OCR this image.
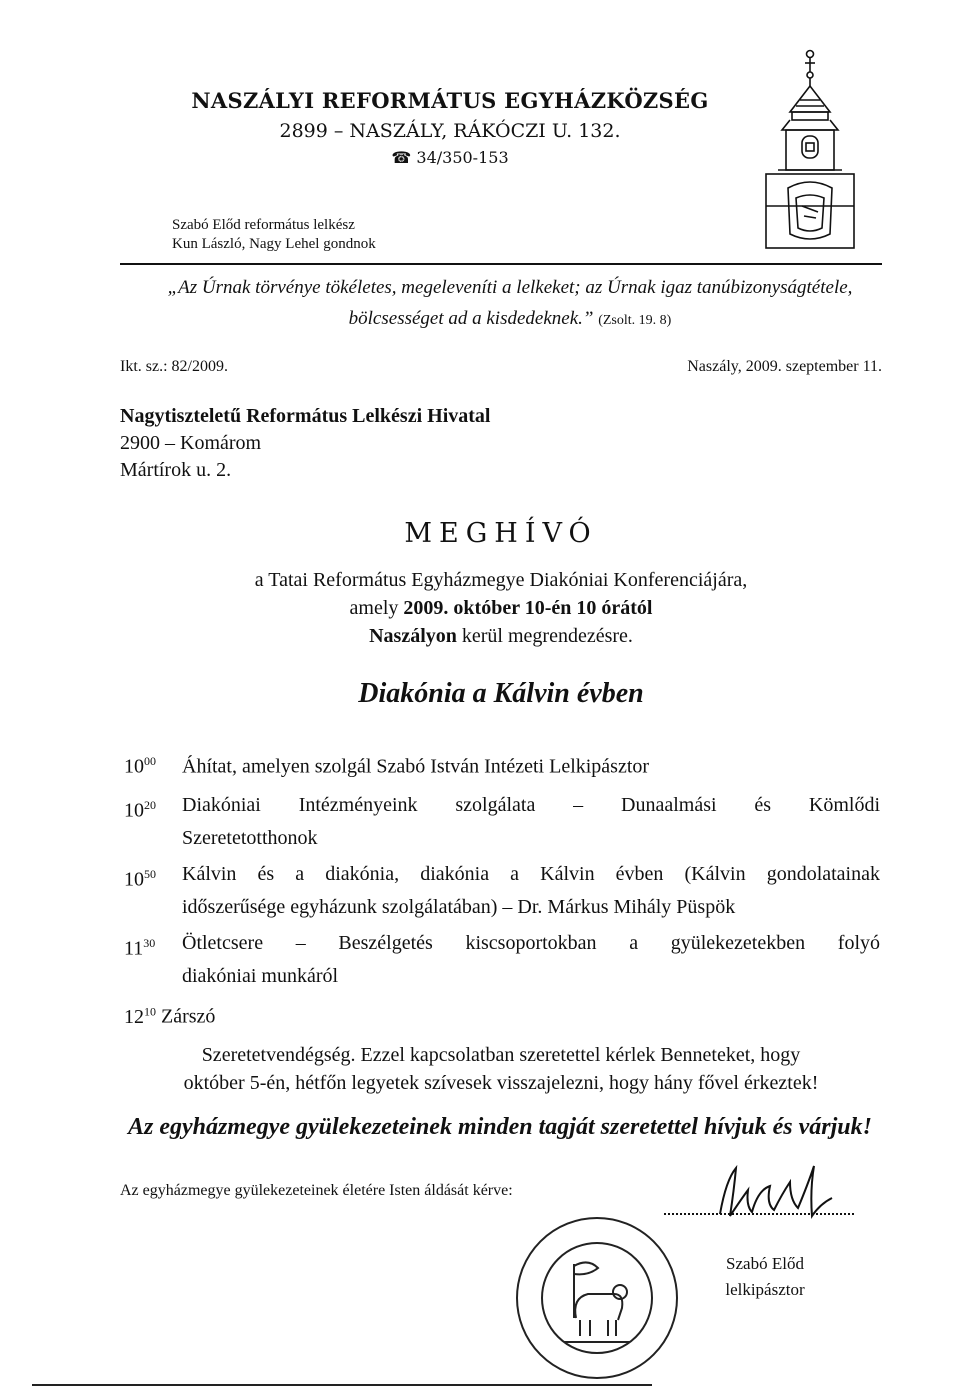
NASZÁLYI REFORMÁTUS EGYHÁZKÖZSÉG
2899 – NASZÁLY, RÁKÓCZI U. 132.
☎ 34/350-153
Szabó Előd református lelkész
Kun László, Nagy Lehel gondnok
„Az Úrnak törvénye tökéletes, megeleveníti a lelkeket; az Úrnak igaz tanúbizonyságtétele, bölcsességet ad a kisdedeknek.” (Zsolt. 19. 8)
Ikt. sz.: 82/2009.	Naszály, 2009. szeptember 11.
Nagytiszteletű Református Lelkészi Hivatal
2900 – Komárom
Mártírok u. 2.
MEGHÍVÓ
a Tatai Református Egyházmegye Diakóniai Konferenciájára,
amely 2009. október 10-én 10 órától
Naszályon kerül megrendezésre.
Diakónia a Kálvin évben
$10^{00}$ Áhítat, amelyen szolgál Szabó István Intézeti Lelkipásztor
$10^{20}$	Diakóniai Intézményeink szolgálata – Dunaalmási és Kömlődi
Szeretetotthonok
$10^{50}$	Kálvin és a diakónia, diakónia a Kálvin évben (Kálvin gondolatainak
időszerűsége egyházunk szolgálatában) – Dr. Márkus Mihály Püspök
$11^{30}$	Ötletcsere – Beszélgetés kiscsoportokban a gyülekezetekben folyó
diakóniai munkáról
$12^{10}$ Zárszó
Szeretetvendégség. Ezzel kapcsolatban szeretettel kérlek Benneteket, hogy
október 5-én, hétfőn legyetek szívesek visszajelezni, hogy hány fővel érkeztek!
Az egyházmegye gyülekezeteinek minden tagját szeretettel hívjuk és várjuk!
Az egyházmegye gyülekezeteinek életére Isten áldását kérve:
Szabó Előd
lelkipásztor
